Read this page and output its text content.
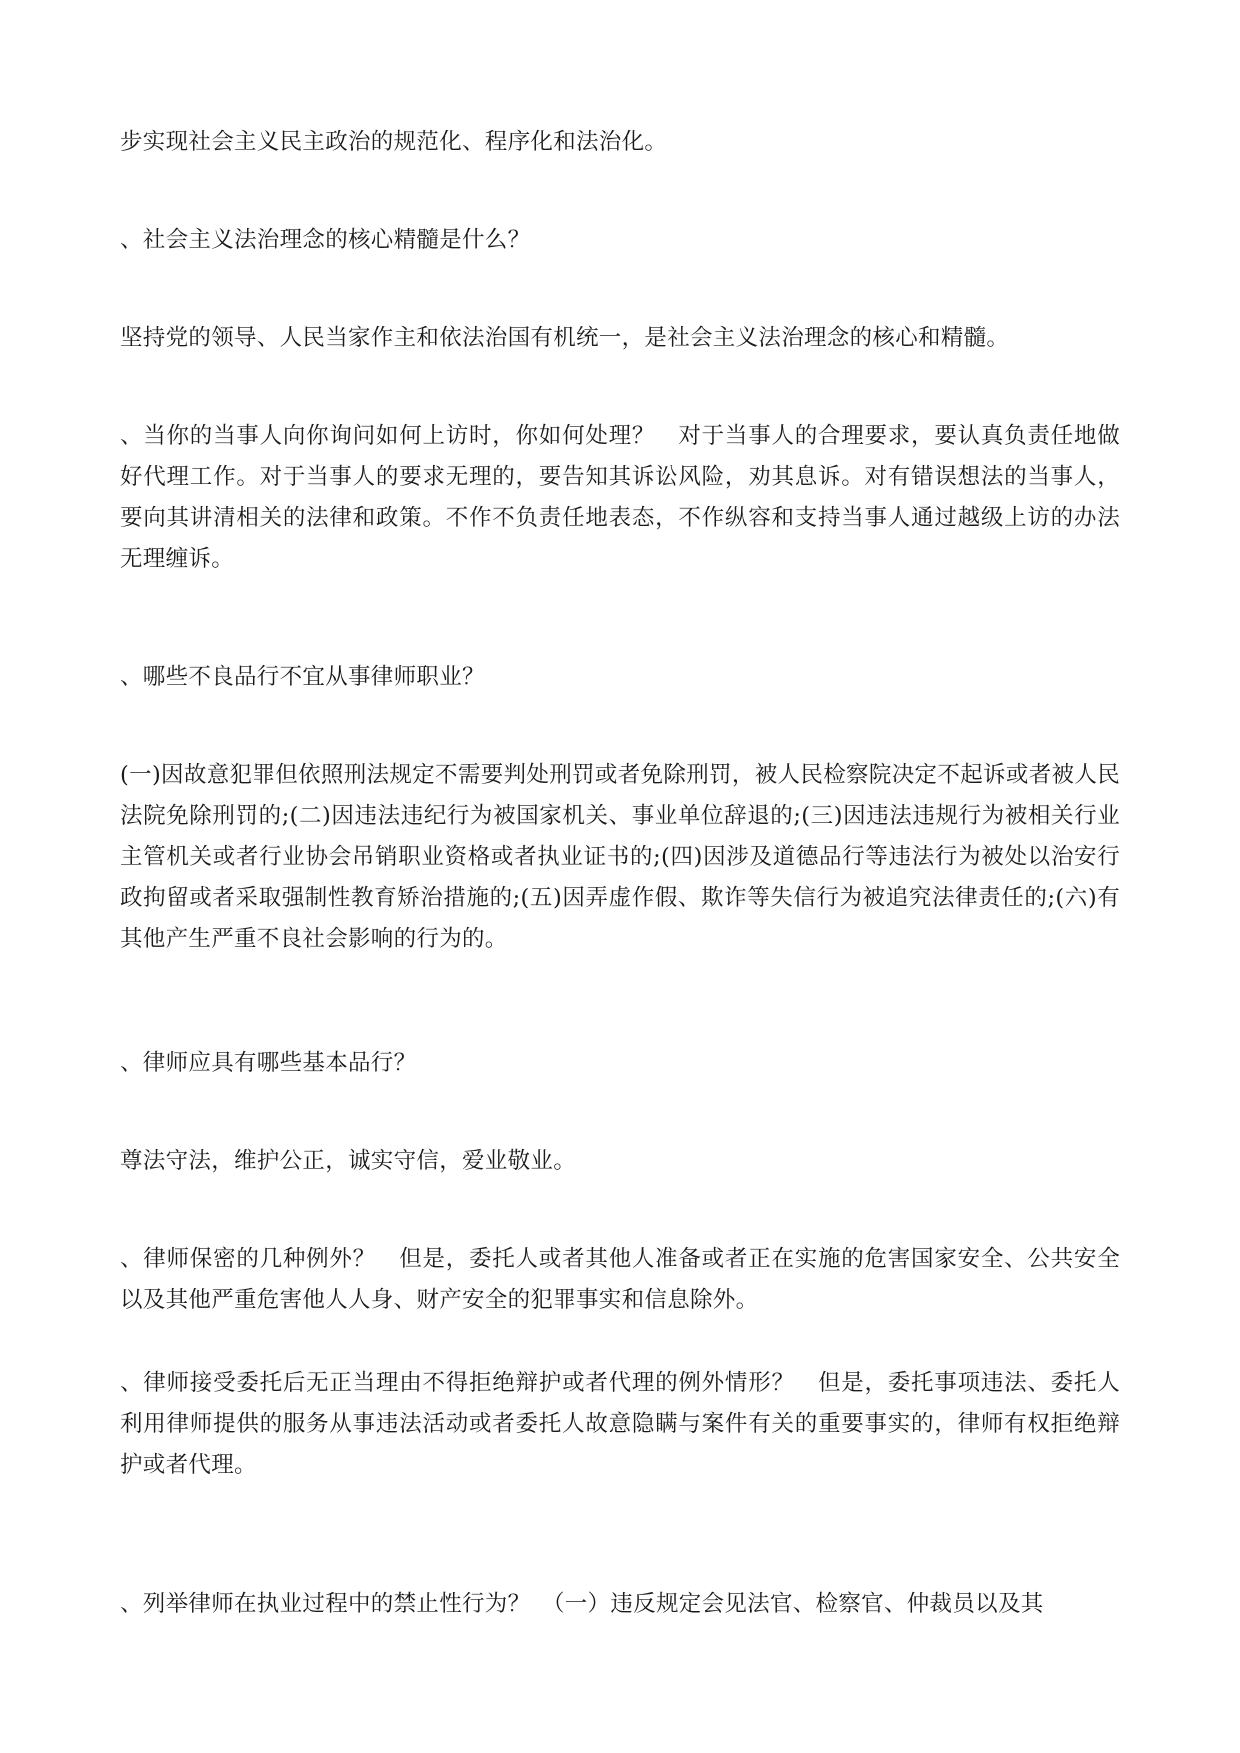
步实现社会主义民主政治的规范化、程序化和法治化。

、社会主义法治理念的核心精髓是什么？

坚持党的领导、人民当家作主和依法治国有机统一，是社会主义法治理念的核心和精髓。

、当你的当事人向你询问如何上访时，你如何处理？　对于当事人的合理要求，要认真负责任地做好代理工作。对于当事人的要求无理的，要告知其诉讼风险，劝其息诉。对有错误想法的当事人，要向其讲清相关的法律和政策。不作不负责任地表态，不作纵容和支持当事人通过越级上访的办法无理缠诉。

、哪些不良品行不宜从事律师职业？

(一)因故意犯罪但依照刑法规定不需要判处刑罚或者免除刑罚，被人民检察院决定不起诉或者被人民法院免除刑罚的;(二)因违法违纪行为被国家机关、事业单位辞退的;(三)因违法违规行为被相关行业主管机关或者行业协会吊销职业资格或者执业证书的;(四)因涉及道德品行等违法行为被处以治安行政拘留或者采取强制性教育矫治措施的;(五)因弄虚作假、欺诈等失信行为被追究法律责任的;(六)有其他产生严重不良社会影响的行为的。

、律师应具有哪些基本品行？

尊法守法，维护公正，诚实守信，爱业敬业。

、律师保密的几种例外？　但是，委托人或者其他人准备或者正在实施的危害国家安全、公共安全以及其他严重危害他人人身、财产安全的犯罪事实和信息除外。

、律师接受委托后无正当理由不得拒绝辩护或者代理的例外情形？　但是，委托事项违法、委托人利用律师提供的服务从事违法活动或者委托人故意隐瞒与案件有关的重要事实的，律师有权拒绝辩护或者代理。

、列举律师在执业过程中的禁止性行为？　（一）违反规定会见法官、检察官、仲裁员以及其
